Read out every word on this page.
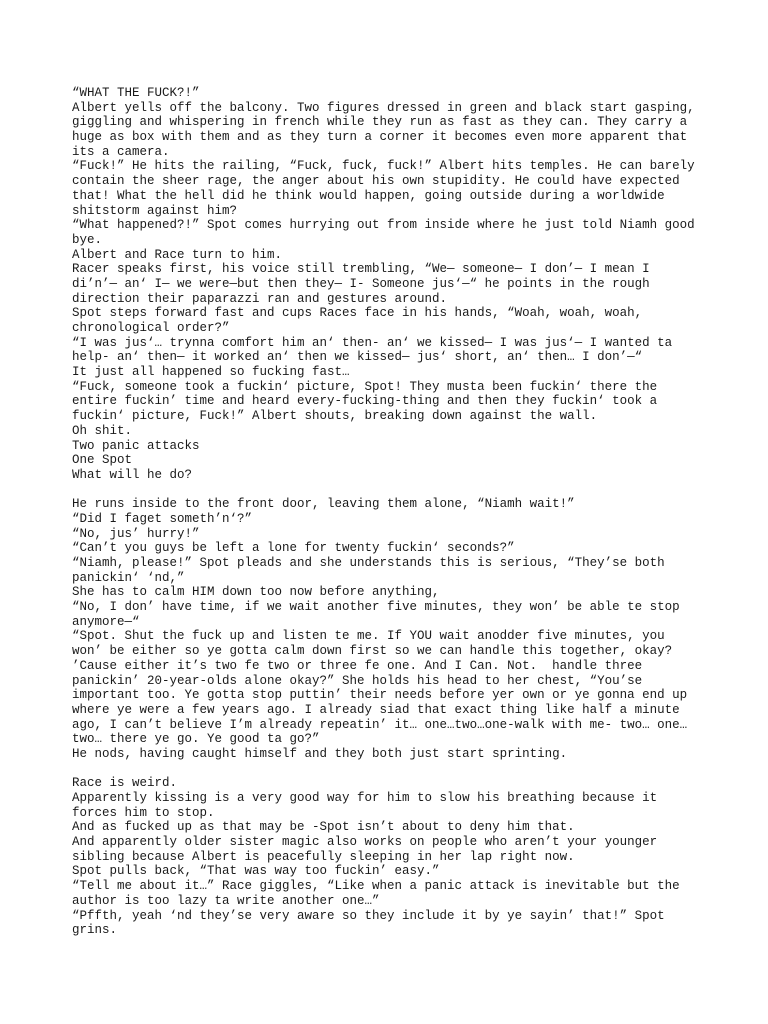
“WHAT THE FUCK?!”
Albert yells off the balcony. Two figures dressed in green and black start gasping,
giggling and whispering in french while they run as fast as they can. They carry a
huge as box with them and as they turn a corner it becomes even more apparent that
its a camera.
“Fuck!” He hits the railing, “Fuck, fuck, fuck!” Albert hits temples. He can barely
contain the sheer rage, the anger about his own stupidity. He could have expected
that! What the hell did he think would happen, going outside during a worldwide
shitstorm against him?
“What happened?!” Spot comes hurrying out from inside where he just told Niamh good
bye.
Albert and Race turn to him.
Racer speaks first, his voice still trembling, “We— someone— I don’— I mean I
di’n’— an‘ I— we were—but then they— I- Someone jus‘—“ he points in the rough
direction their paparazzi ran and gestures around.
Spot steps forward fast and cups Races face in his hands, “Woah, woah, woah,
chronological order?”
“I was jus‘… trynna comfort him an‘ then- an‘ we kissed— I was jus‘— I wanted ta
help- an‘ then— it worked an‘ then we kissed— jus‘ short, an‘ then… I don’—“
It just all happened so fucking fast…
“Fuck, someone took a fuckin‘ picture, Spot! They musta been fuckin‘ there the
entire fuckin’ time and heard every-fucking-thing and then they fuckin‘ took a
fuckin‘ picture, Fuck!” Albert shouts, breaking down against the wall.
Oh shit.
Two panic attacks
One Spot
What will he do?
He runs inside to the front door, leaving them alone, “Niamh wait!”
“Did I faget someth’n‘?”
“No, jus’ hurry!”
“Can’t you guys be left a lone for twenty fuckin‘ seconds?”
“Niamh, please!” Spot pleads and she understands this is serious, “They’se both
panickin‘ ‘nd,”
She has to calm HIM down too now before anything,
“No, I don’ have time, if we wait another five minutes, they won’ be able te stop
anymore—“
“Spot. Shut the fuck up and listen te me. If YOU wait anodder five minutes, you
won’ be either so ye gotta calm down first so we can handle this together, okay?
’Cause either it’s two fe two or three fe one. And I Can. Not.  handle three
panickin’ 20-year-olds alone okay?” She holds his head to her chest, “You’se
important too. Ye gotta stop puttin’ their needs before yer own or ye gonna end up
where ye were a few years ago. I already siad that exact thing like half a minute
ago, I can’t believe I’m already repeatin’ it… one…two…one-walk with me- two… one…
two… there ye go. Ye good ta go?”
He nods, having caught himself and they both just start sprinting.
Race is weird.
Apparently kissing is a very good way for him to slow his breathing because it
forces him to stop.
And as fucked up as that may be -Spot isn’t about to deny him that.
And apparently older sister magic also works on people who aren’t your younger
sibling because Albert is peacefully sleeping in her lap right now.
Spot pulls back, “That was way too fuckin’ easy.”
“Tell me about it…” Race giggles, “Like when a panic attack is inevitable but the
author is too lazy ta write another one…”
“Pffth, yeah ‘nd they’se very aware so they include it by ye sayin’ that!” Spot
grins.
